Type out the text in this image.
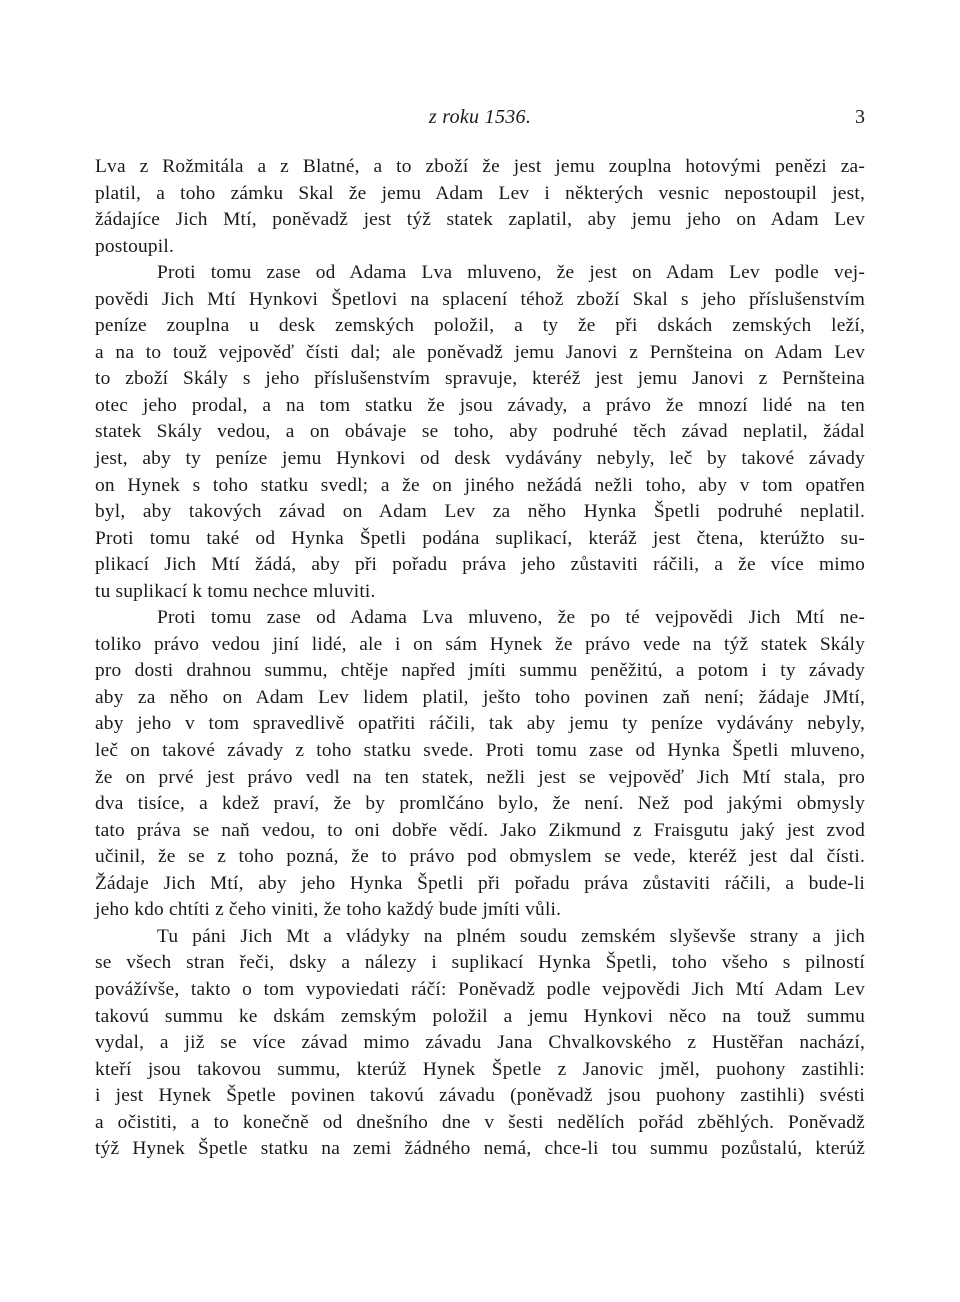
z roku 1536.	3

Lva z Rožmitála a z Blatné, a to zboží že jest jemu zouplna hotovými penězi za-
platil, a toho zámku Skal že jemu Adam Lev i některých vesnic nepostoupil jest,
žádajíce Jich Mtí, poněvadž jest týž statek zaplatil, aby jemu jeho on Adam Lev
postoupil.

Proti tomu zase od Adama Lva mluveno, že jest on Adam Lev podle vej-
povědi Jich Mtí Hynkovi Špetlovi na splacení téhož zboží Skal s jeho příslušenstvím
peníze zouplna u desk zemských položil, a ty že při dskách zemských leží,
a na to touž vejpověď čísti dal; ale poněvadž jemu Janovi z Pernšteina on Adam Lev
to zboží Skály s jeho příslušenstvím spravuje, kteréž jest jemu Janovi z Pernšteina
otec jeho prodal, a na tom statku že jsou závady, a právo že mnozí lidé na ten
statek Skály vedou, a on obávaje se toho, aby podruhé těch závad neplatil, žádal
jest, aby ty peníze jemu Hynkovi od desk vydávány nebyly, leč by takové závady
on Hynek s toho statku svedl; a že on jiného nežádá nežli toho, aby v tom opatřen
byl, aby takových závad on Adam Lev za něho Hynka Špetli podruhé neplatil.
Proti tomu také od Hynka Špetli podána suplikací, kteráž jest čtena, kterúžto su-
plikací Jich Mtí žádá, aby při pořadu práva jeho zůstaviti ráčili, a že více mimo
tu suplikací k tomu nechce mluviti.

Proti tomu zase od Adama Lva mluveno, že po té vejpovědi Jich Mtí ne-
toliko právo vedou jiní lidé, ale i on sám Hynek že právo vede na týž statek Skály
pro dosti drahnou summu, chtěje napřed jmíti summu peněžitú, a potom i ty závady
aby za něho on Adam Lev lidem platil, ješto toho povinen zaň není; žádaje JMtí,
aby jeho v tom spravedlivě opatřiti ráčili, tak aby jemu ty peníze vydávány nebyly,
leč on takové závady z toho statku svede. Proti tomu zase od Hynka Špetli mluveno,
že on prvé jest právo vedl na ten statek, nežli jest se vejpověď Jich Mtí stala, pro
dva tisíce, a kdež praví, že by promlčáno bylo, že není. Než pod jakými obmysly
tato práva se naň vedou, to oni dobře vědí. Jako Zikmund z Fraisgutu jaký jest zvod
učinil, že se z toho pozná, že to právo pod obmyslem se vede, kteréž jest dal čísti.
Žádaje Jich Mtí, aby jeho Hynka Špetli při pořadu práva zůstaviti ráčili, a bude-li
jeho kdo chtíti z čeho viniti, že toho každý bude jmíti vůli.

Tu páni Jich Mt a vládyky na plném soudu zemském slyševše strany a jich
se všech stran řeči, dsky a nálezy i suplikací Hynka Špetli, toho všeho s pilností
povážívše, takto o tom vypoviedati ráčí: Poněvadž podle vejpovědi Jich Mtí Adam Lev
takovú summu ke dskám zemským položil a jemu Hynkovi něco na touž summu
vydal, a již se více závad mimo závadu Jana Chvalkovského z Hustěřan nachází,
kteří jsou takovou summu, kterúž Hynek Špetle z Janovic jměl, puohony zastihli:
i jest Hynek Špetle povinen takovú závadu (poněvadž jsou puohony zastihli) svésti
a očistiti, a to konečně od dnešního dne v šesti nedělích pořád zběhlých. Poněvadž
týž Hynek Špetle statku na zemi žádného nemá, chce-li tou summu pozůstalú, kterúž
